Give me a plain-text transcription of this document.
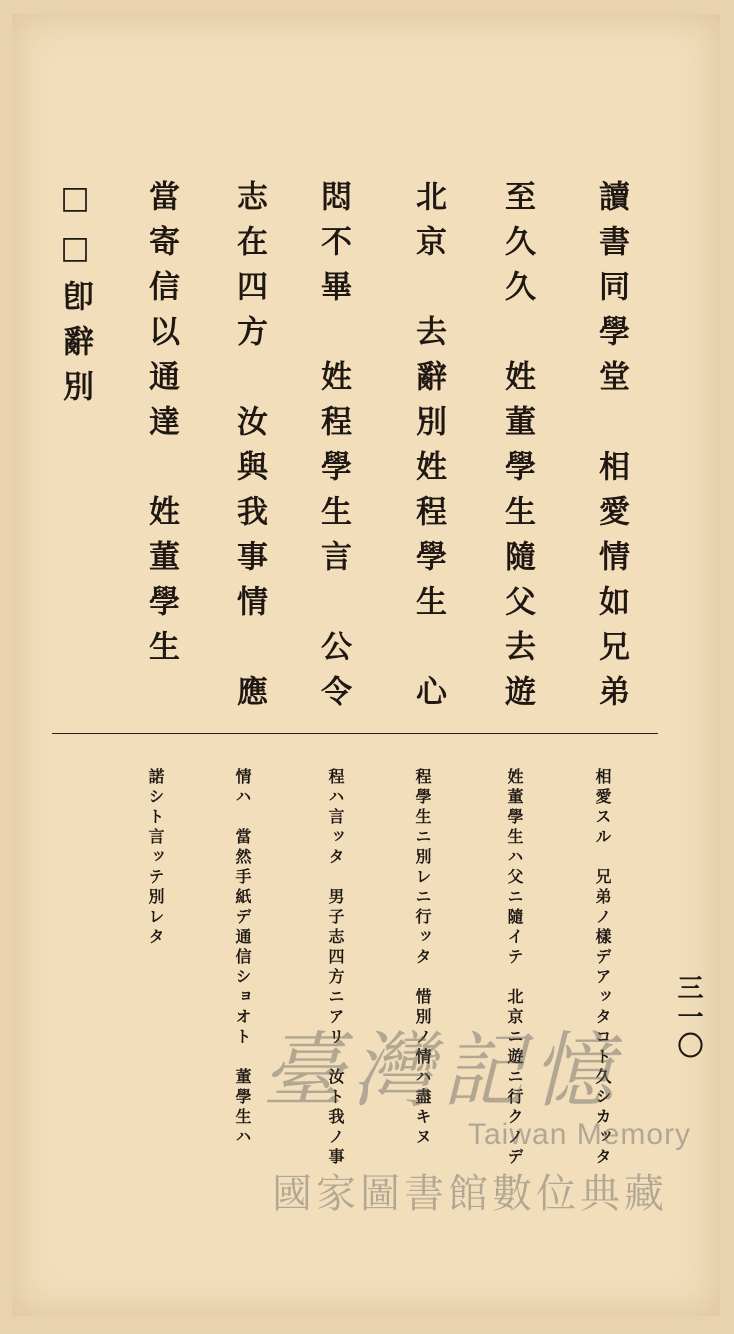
讀書同學堂　相愛情如兄弟
至久久　姓董學生隨父去遊
北京　去辭別姓程學生　心
悶不畢　姓程學生言　公令
志在四方　汝與我事情　應
當寄信以通達　姓董學生
□□卽辭別
相愛スル　兄弟ノ樣デアッタコト久シカッタ
姓董學生ハ父ニ隨イテ　北京ニ遊ニ行クノデ
程學生ニ別レニ行ッタ　惜別ノ情ハ盡キヌ
程ハ言ッタ　男子志四方ニアリ　汝ト我ノ事
情ハ　當然手紙デ通信ショオト　董學生ハ
諾シト言ッテ別レタ
三一〇
臺灣記憶
Taiwan Memory
國家圖書館數位典藏
